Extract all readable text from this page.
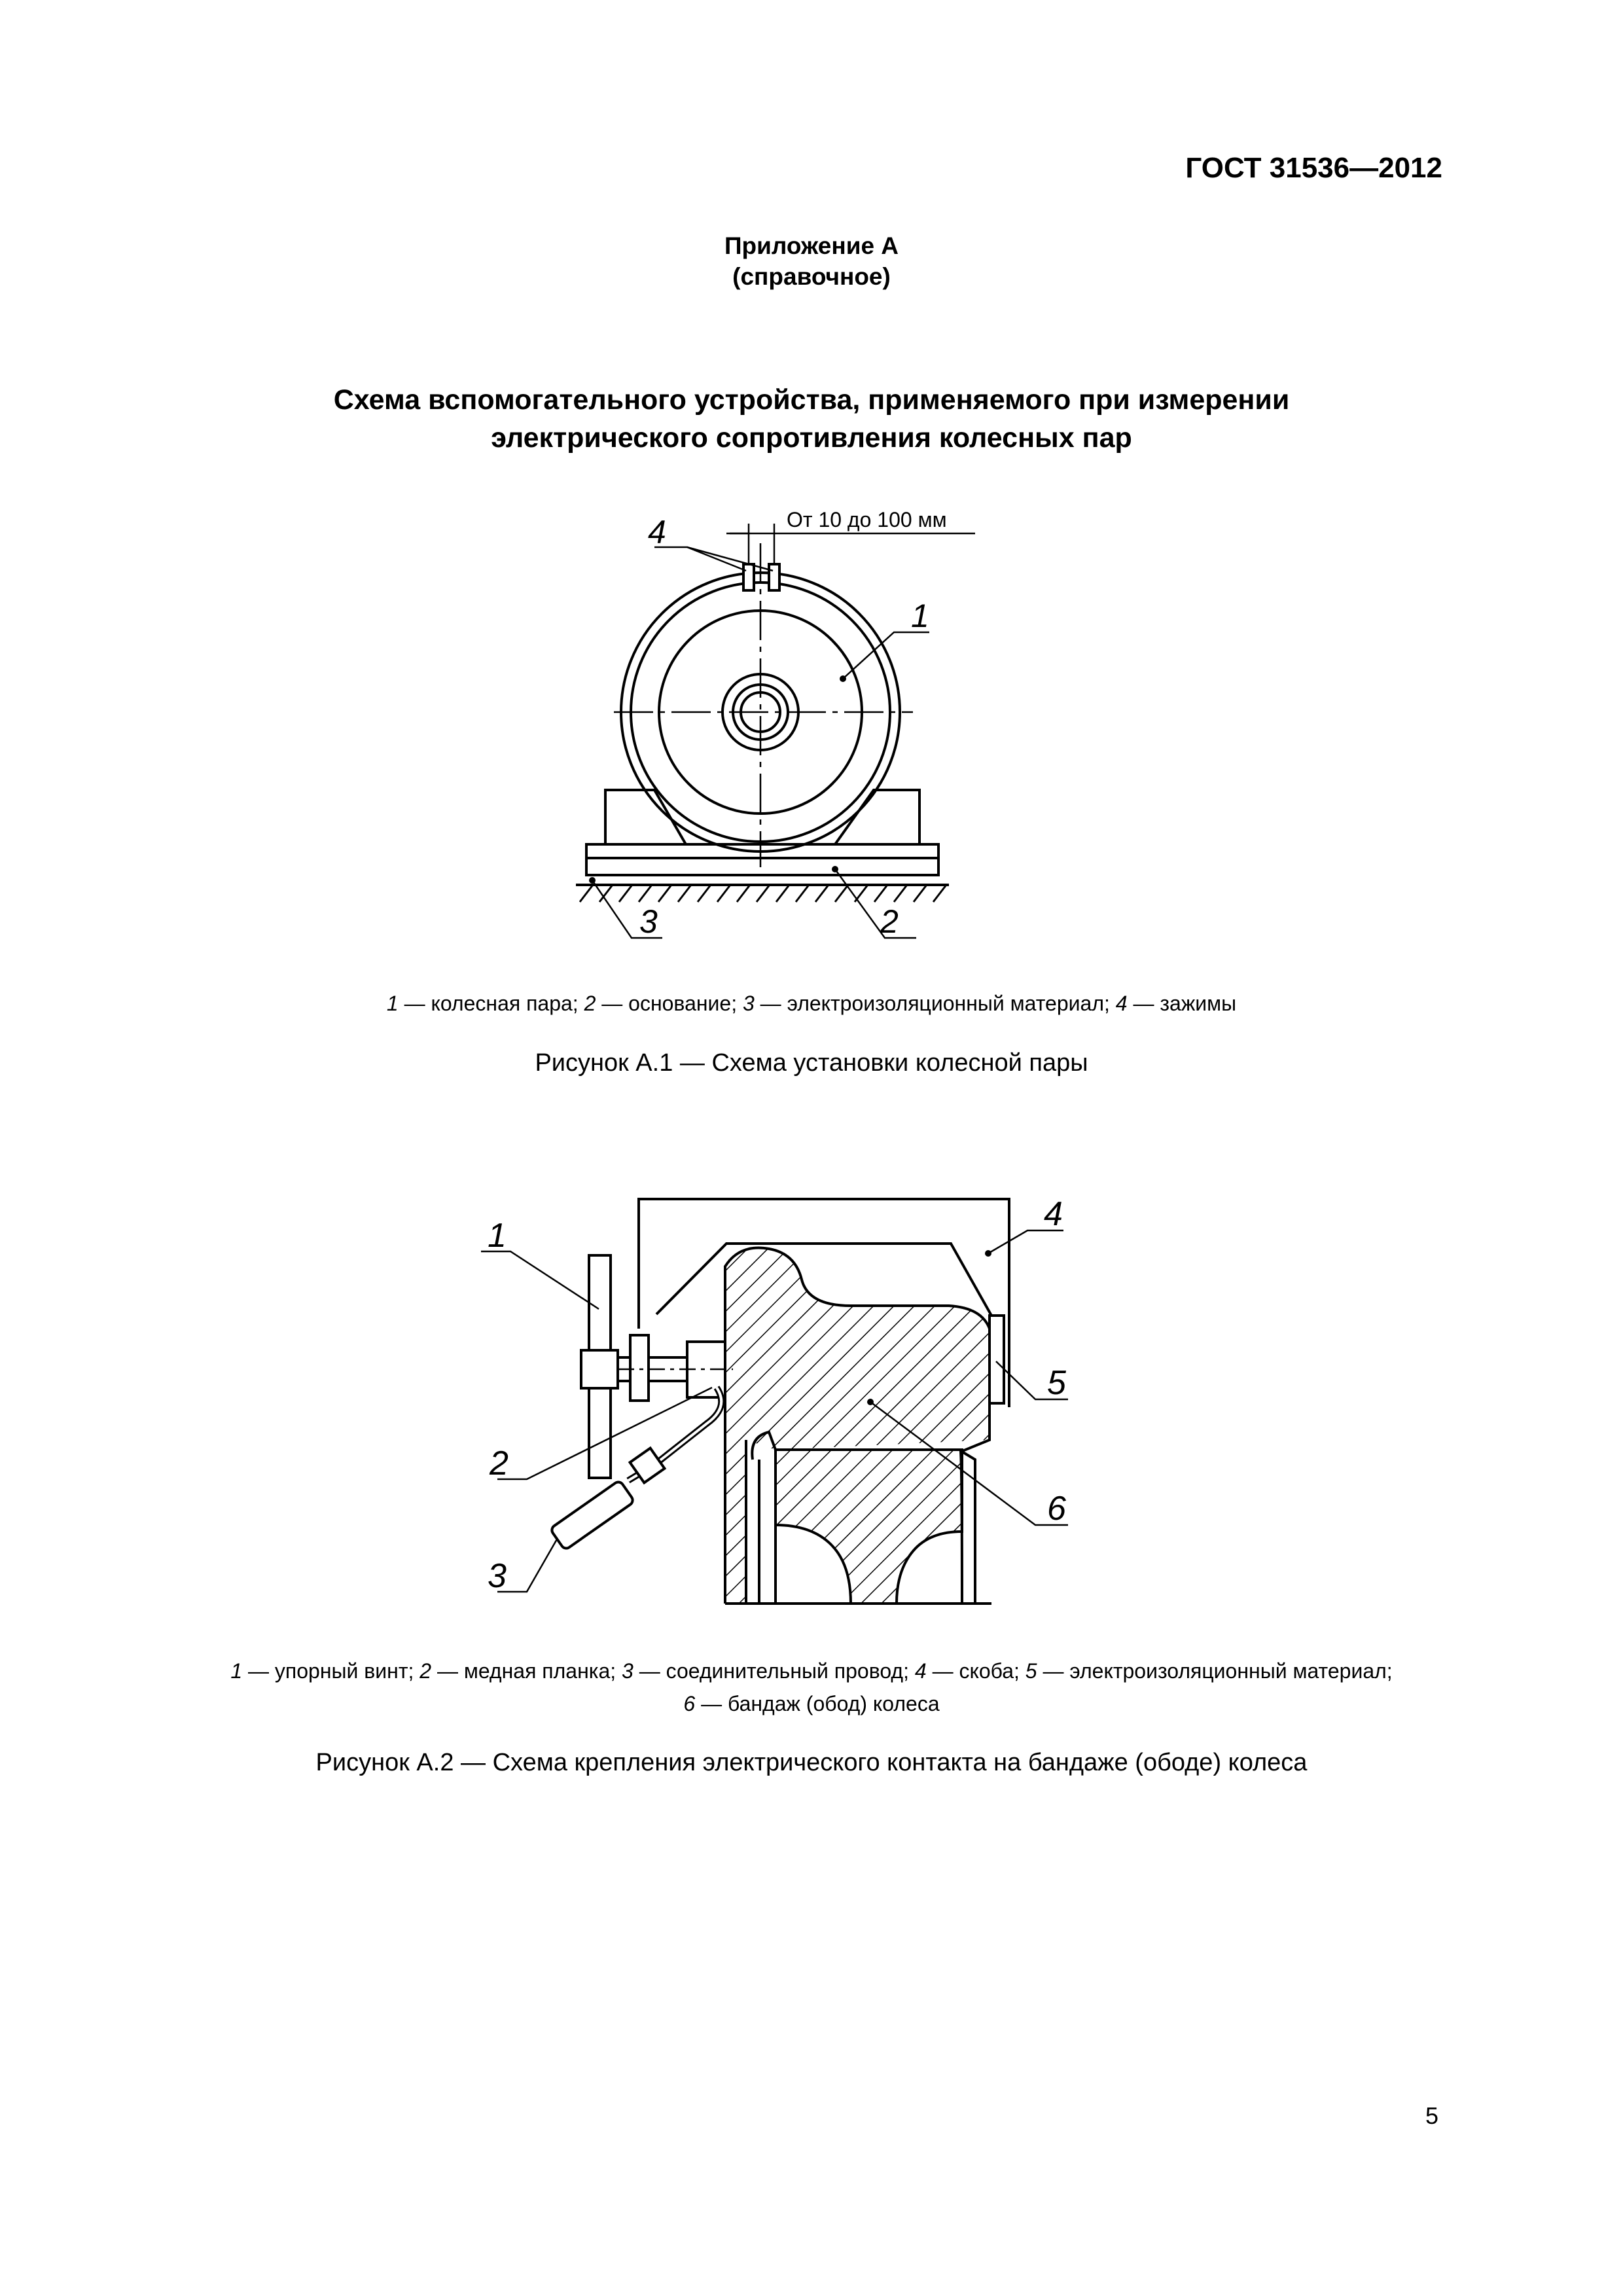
ГОСТ 31536—2012
Приложение А
(справочное)
Схема вспомогательного устройства, применяемого при измерении
электрического сопротивления колесных пар
От 10 до 100 мм
4
1
3	2
1 — колесная пара; 2 — основание; 3 — электроизоляционный материал; 4 — зажимы
Рисунок А.1 — Схема установки колесной пары
1
2
3
4
5
6
1 — упорный винт; 2 — медная планка; 3 — соединительный провод; 4 — скоба; 5 — электроизоляционный материал;
6 — бандаж (обод) колеса
Рисунок А.2 — Схема крепления электрического контакта на бандаже (ободе) колеса
5
